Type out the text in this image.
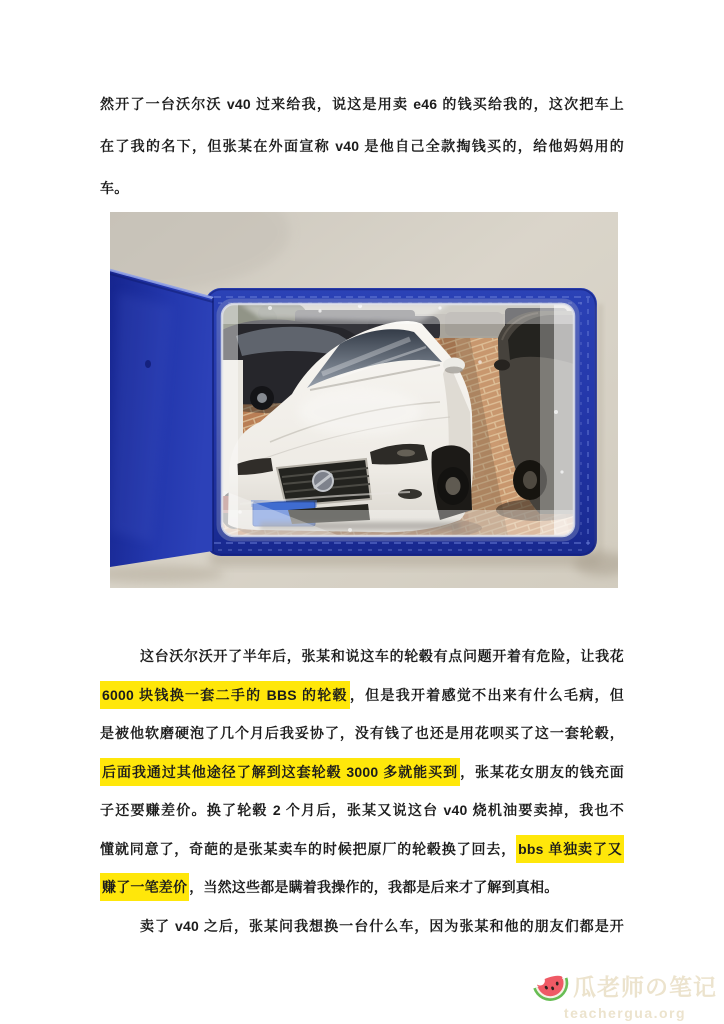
然开了一台沃尔沃 v40 过来给我，说这是用卖 e46 的钱买给我的，这次把车上
在了我的名下，但张某在外面宣称 v40 是他自己全款掏钱买的，给他妈妈用的
车。
这台沃尔沃开了半年后，张某和说这车的轮毂有点问题开着有危险，让我花
6000 块钱换一套二手的 BBS 的轮毂 ，但是我开着感觉不出来有什么毛病，但
是被他软磨硬泡了几个月后我妥协了，没有钱了也还是用花呗买了这一套轮毂，
后面我通过其他途径了解到这套轮毂 3000 多就能买到 ，张某花女朋友的钱充面
子还要赚差价。换了轮毂 2 个月后，张某又说这台 v40 烧机油要卖掉，我也不
懂就同意了，奇葩的是张某卖车的时候把原厂的轮毂换了回去， bbs 单独卖了又
赚了一笔差价 ，当然这些都是瞒着我操作的，我都是后来才了解到真相。
卖了 v40 之后，张某问我想换一台什么车，因为张某和他的朋友们都是开
瓜老师の笔记
teachergua.org
